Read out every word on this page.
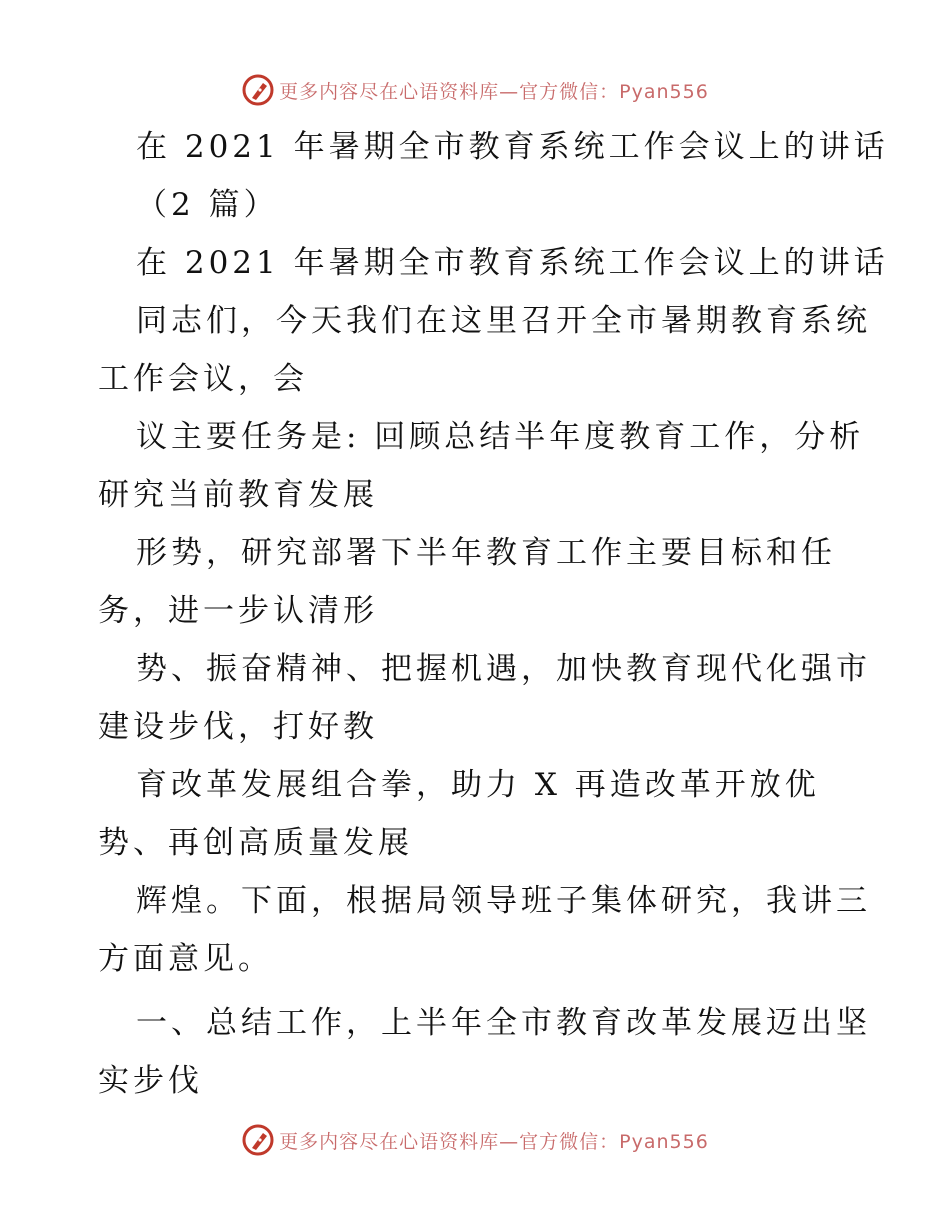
更多内容尽在心语资料库—官方微信：Pyan556
在 2021 年暑期全市教育系统工作会议上的讲话
（2 篇）
在 2021 年暑期全市教育系统工作会议上的讲话
同志们，今天我们在这里召开全市暑期教育系统
工作会议，会
议主要任务是: 回顾总结半年度教育工作，分析
研究当前教育发展
形势，研究部署下半年教育工作主要目标和任
务，进一步认清形
势、振奋精神、把握机遇，加快教育现代化强市
建设步伐，打好教
育改革发展组合拳，助力 X 再造改革开放优
势、再创高质量发展
辉煌。下面，根据局领导班子集体研究，我讲三
方面意见。
一、总结工作，上半年全市教育改革发展迈出坚
实步伐
更多内容尽在心语资料库—官方微信：Pyan556
